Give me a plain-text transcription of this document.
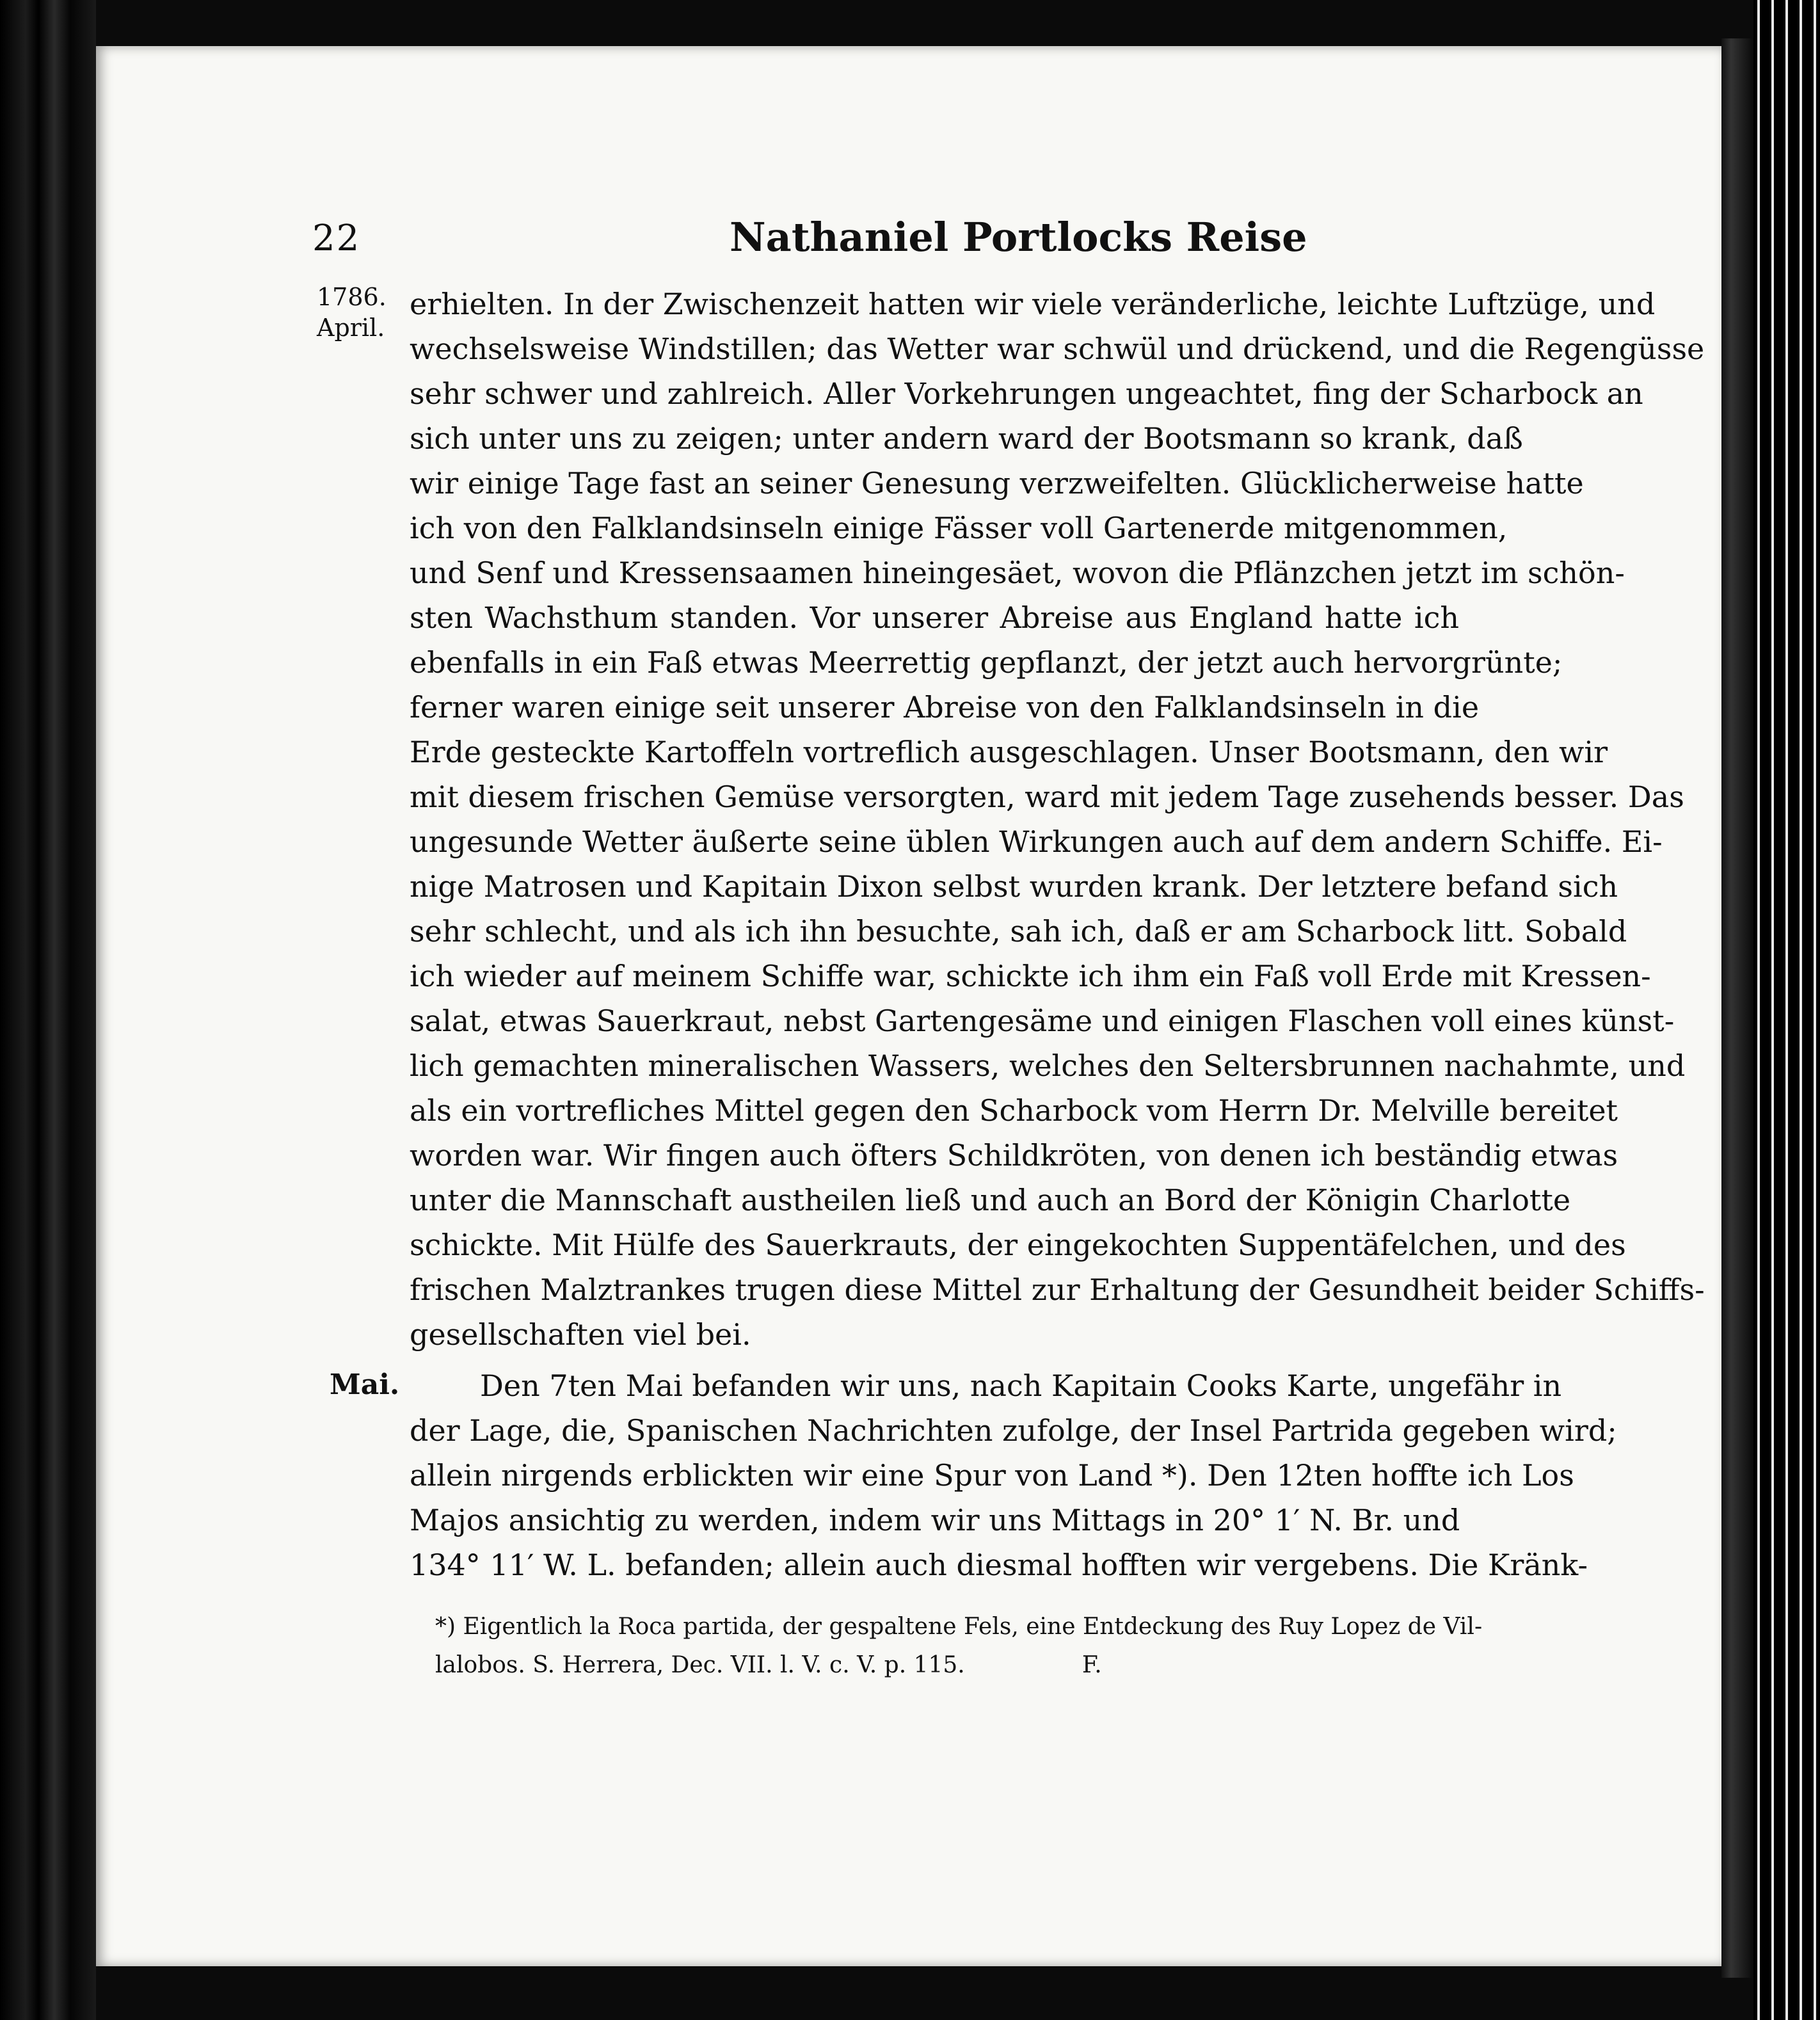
22	Nathaniel Portlocks Reise
1786.
April.
Mai.
erhielten. In der Zwischenzeit hatten wir viele veränderliche, leichte Luftzüge, und
wechselsweise Windstillen; das Wetter war schwül und drückend, und die Regengüsse
sehr schwer und zahlreich. Aller Vorkehrungen ungeachtet, fing der Scharbock an
sich unter uns zu zeigen; unter andern ward der Bootsmann so krank, daß
wir einige Tage fast an seiner Genesung verzweifelten. Glücklicherweise hatte
ich von den Falklandsinseln einige Fässer voll Gartenerde mitgenommen,
und Senf und Kressensaamen hineingesäet, wovon die Pflänzchen jetzt im schön-
sten Wachsthum standen. Vor unserer Abreise aus England hatte ich
ebenfalls in ein Faß etwas Meerrettig gepflanzt, der jetzt auch hervorgrünte;
ferner waren einige seit unserer Abreise von den Falklandsinseln in die
Erde gesteckte Kartoffeln vortreflich ausgeschlagen. Unser Bootsmann, den wir
mit diesem frischen Gemüse versorgten, ward mit jedem Tage zusehends besser. Das
ungesunde Wetter äußerte seine üblen Wirkungen auch auf dem andern Schiffe. Ei-
nige Matrosen und Kapitain Dixon selbst wurden krank. Der letztere befand sich
sehr schlecht, und als ich ihn besuchte, sah ich, daß er am Scharbock litt. Sobald
ich wieder auf meinem Schiffe war, schickte ich ihm ein Faß voll Erde mit Kressen-
salat, etwas Sauerkraut, nebst Gartengesäme und einigen Flaschen voll eines künst-
lich gemachten mineralischen Wassers, welches den Seltersbrunnen nachahmte, und
als ein vortrefliches Mittel gegen den Scharbock vom Herrn Dr. Melville bereitet
worden war. Wir fingen auch öfters Schildkröten, von denen ich beständig etwas
unter die Mannschaft austheilen ließ und auch an Bord der Königin Charlotte
schickte. Mit Hülfe des Sauerkrauts, der eingekochten Suppentäfelchen, und des
frischen Malztrankes trugen diese Mittel zur Erhaltung der Gesundheit beider Schiffs-
gesellschaften viel bei.
Den 7ten Mai befanden wir uns, nach Kapitain Cooks Karte, ungefähr in
der Lage, die, Spanischen Nachrichten zufolge, der Insel Partrida gegeben wird;
allein nirgends erblickten wir eine Spur von Land *). Den 12ten hoffte ich Los
Majos ansichtig zu werden, indem wir uns Mittags in 20° 1′ N. Br. und
134° 11′ W. L. befanden; allein auch diesmal hofften wir vergebens. Die Kränk-
*) Eigentlich la Roca partida, der gespaltene Fels, eine Entdeckung des Ruy Lopez de Vil-
lalobos. S. Herrera, Dec. VII. l. V. c. V. p. 115.                F.
